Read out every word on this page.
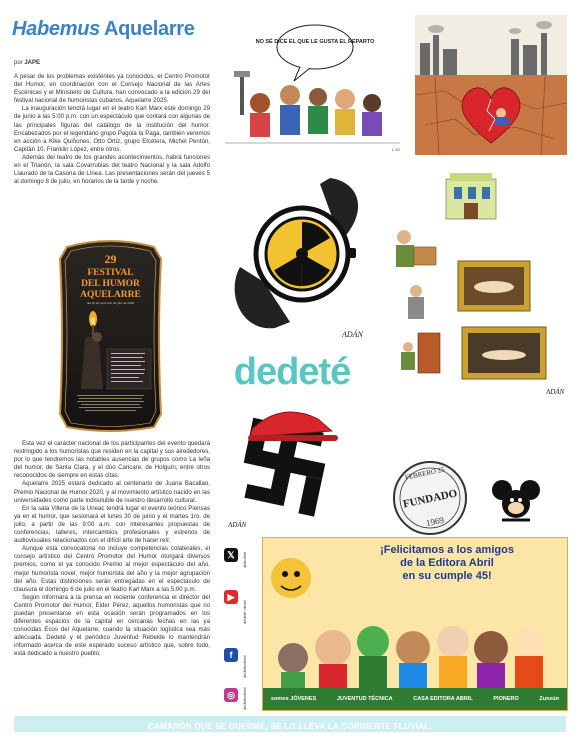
Habemus Aquelarre
por JAPE

A pesar de los problemas existentes ya conocidos, el Centro Promotor del Humor, en coordinación con el Consejo Nacional de las Artes Escénicas y el Ministerio de Cultura, han convocado a la edición 29 del festival nacional de humoristas cubanos, Aquelarre 2025.

La inauguración tendrá lugar en el teatro Karl Marx este domingo 29 de junio a las 5:00 p.m. con un espectáculo que contará con algunas de las principales figuras del catálogo de la institución del humor. Encabezados por el legendario grupo Pagola la Paga, también veremos en acción a Kike Quiñones, Otto Ortiz, grupo Etcétera, Michel Pentón, Capitán 10, Franklin López, entre otros.

Además del teatro de los grandes acontecimientos, habrá funciones en el Trianón, la sala Covarrubias del teatro Nacional y la sala Adolfo Llauradó de la Casona de Línea. Las presentaciones serán del jueves 5 al domingo 8 de julio, en horarios de la tarde y noche.

29
FESTIVAL
DEL HUMOR
AQUELARRE
del 29 de junio al 6 de julio de 2025

Esta vez el carácter nacional de los participantes del evento quedará restringido a los humoristas que residen en la capital y sus alrededores, por lo que tendremos las notables ausencias de grupos como La leña del humor, de Santa Clara, y el dúo Caricare, de Holguín, entre otros reconocidos de siempre en estas citas.

Aquelarre 2025 estará dedicado al centenario de Juana Bacallao, Premio Nacional de Humor 2020, y al movimiento artístico nacido en las universidades como parte indisoluble de nuestro desarrollo cultural.

En la sala Villena de la Uneac tendrá lugar el evento teórico Piensas ya en el humor, que sesionará el lunes 30 de junio y el martes 1ro. de julio, a partir de las 9:00 a.m. con interesantes propuestas de conferencias, talleres, intercambios profesionales y estrenos de audiovisuales relacionados con el difícil arte de hacer reír.

Aunque esta convocatoria no incluye competencias colaterales, el consejo artístico del Centro Promotor del Humor otorgará diversos premios, como el ya conocido Premio al mejor espectáculo del año, mejor humorista novel, mejor humorista del año y la mejor agrupación del año. Estas distinciones serán entregadas en el espectáculo de clausura el domingo 6 de julio en el teatro Karl Marx a las 5:00 p.m.

Según informara a la prensa en reciente conferencia el director del Centro Promotor del Humor, Eider Pérez, aquellos humoristas que no puedan presentarse en esta ocasión serán programados en los diferentes espacios de la capital en cercanas fechas en las ya conocidas Ecos del Aquelarre, cuando la situación logística sea más adecuada. Dedeté y el periódico Juventud Rebelde lo mantendrán informado acerca de este esperado suceso artístico que, sobre todo, está dedicado a nuestro pueblo.

NO SÉ DICE EL QUE LE GUSTA EL REPARTO
L·62
ADÁN
dedeté
ADÁN
FEBRERO 25
FUNDADO
1969
𝕏	@dedete
▶
dedeté oficial
f
dedeteoficial
◎	dedeteoficial
¡Felicitamos a los amigos
de la Editora Abril
en su cumple 45!
somos JÓVENES	JUVENTUD TÉCNICA	CASA EDITORA ABRIL	PIONERO	Zunzún
ADÁN
CAMARÓN QUE SE DUERME, SE LO LLEVA LA CORRIENTE FLUVIAL.
